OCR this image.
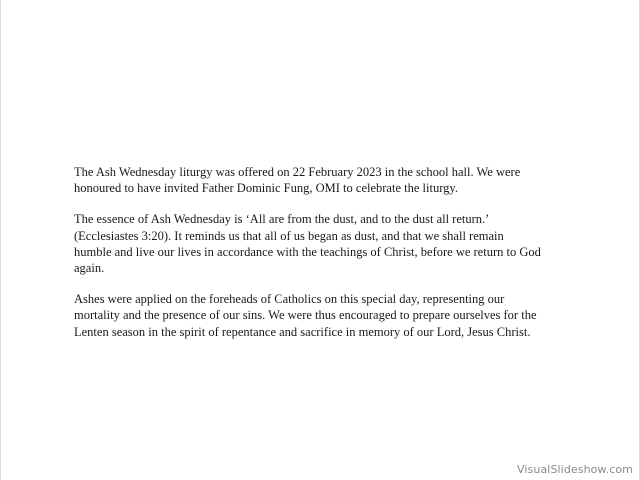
The Ash Wednesday liturgy was offered on 22 February 2023 in the school hall. We were
honoured to have invited Father Dominic Fung, OMI to celebrate the liturgy.

The essence of Ash Wednesday is ‘All are from the dust, and to the dust all return.’
(Ecclesiastes 3:20). It reminds us that all of us began as dust, and that we shall remain
humble and live our lives in accordance with the teachings of Christ, before we return to God
again.

Ashes were applied on the foreheads of Catholics on this special day, representing our
mortality and the presence of our sins. We were thus encouraged to prepare ourselves for the
Lenten season in the spirit of repentance and sacrifice in memory of our Lord, Jesus Christ.

VisualSlideshow.com
